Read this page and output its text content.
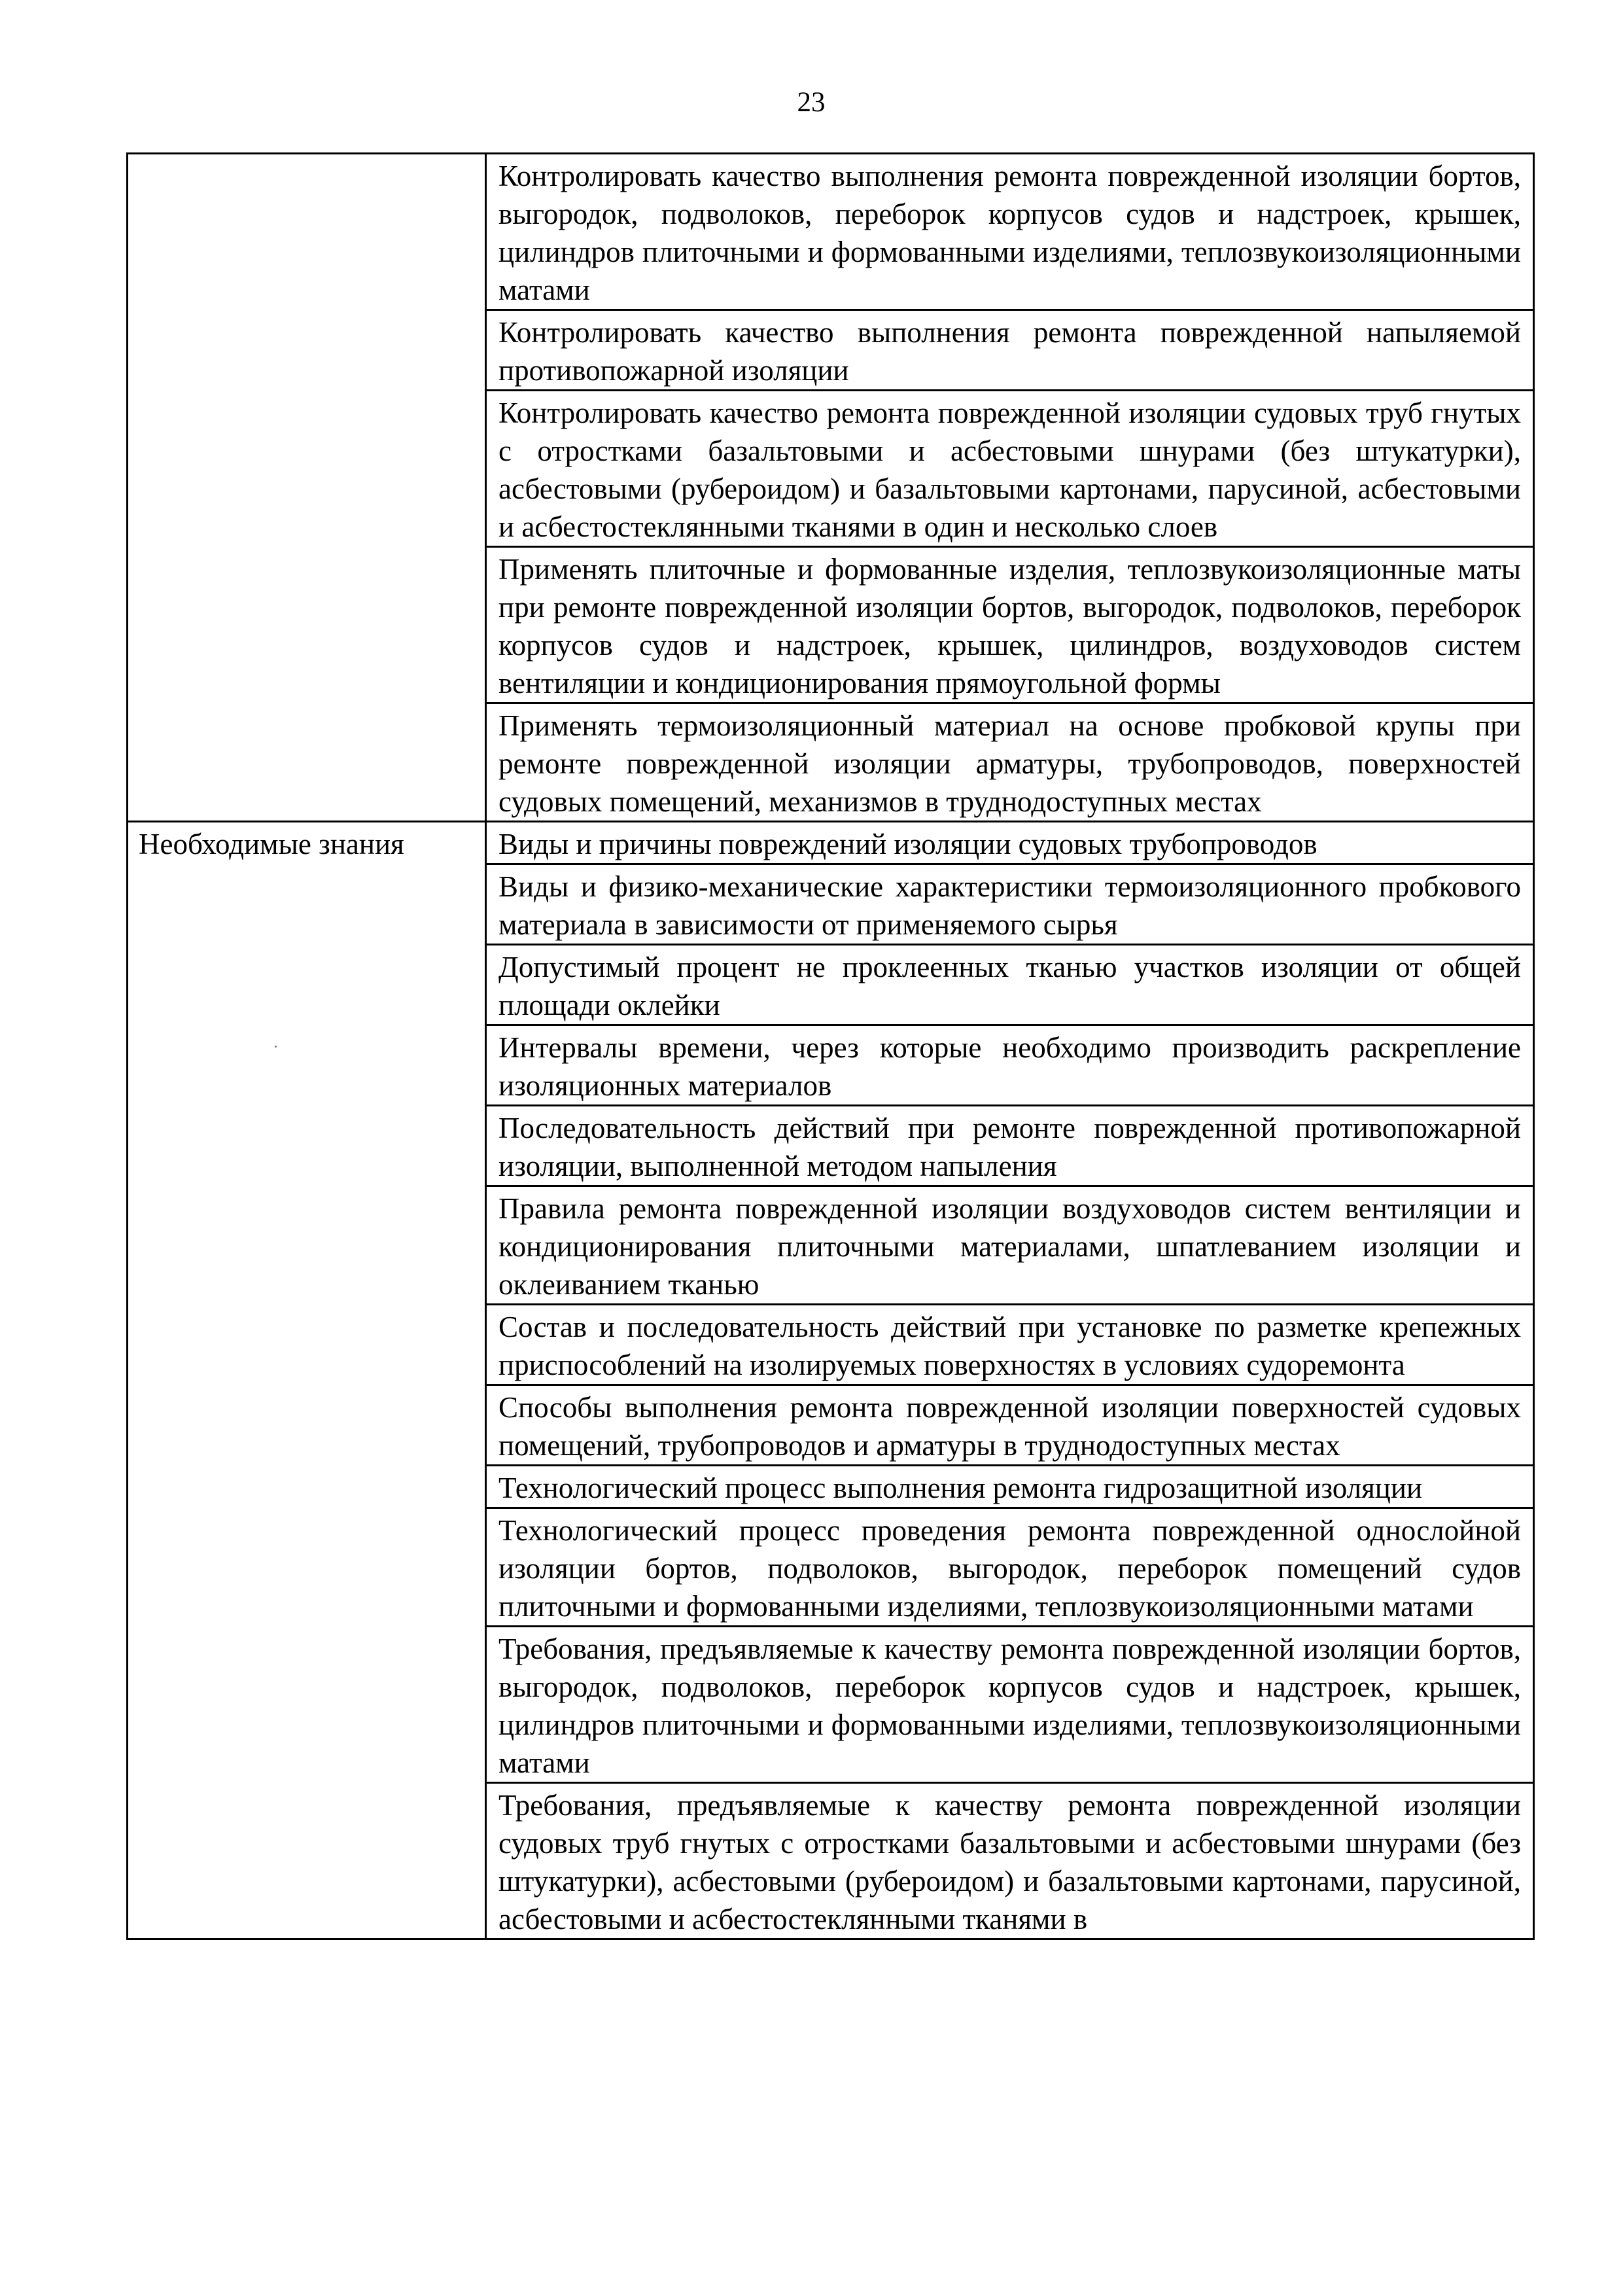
23
	Контролировать качество выполнения ремонта поврежденной изоляции бортов, выгородок, подволоков, переборок корпусов судов и надстроек, крышек, цилиндров плиточными и формованными изделиями, теплозвукоизоляционными матами
	Контролировать качество выполнения ремонта поврежденной напыляемой противопожарной изоляции
	Контролировать качество ремонта поврежденной изоляции судовых труб гнутых с отростками базальтовыми и асбестовыми шнурами (без штукатурки), асбестовыми (рубероидом) и базальтовыми картонами, парусиной, асбестовыми и асбестостеклянными тканями в один и несколько слоев
	Применять плиточные и формованные изделия, теплозвукоизоляционные маты при ремонте поврежденной изоляции бортов, выгородок, подволоков, переборок корпусов судов и надстроек, крышек, цилиндров, воздуховодов систем вентиляции и кондиционирования прямоугольной формы
	Применять термоизоляционный материал на основе пробковой крупы при ремонте поврежденной изоляции арматуры, трубопроводов, поверхностей судовых помещений, механизмов в труднодоступных местах
Необходимые знания	Виды и причины повреждений изоляции судовых трубопроводов
	Виды и физико-механические характеристики термоизоляционного пробкового материала в зависимости от применяемого сырья
	Допустимый процент не проклеенных тканью участков изоляции от общей площади оклейки
	Интервалы времени, через которые необходимо производить раскрепление изоляционных материалов
	Последовательность действий при ремонте поврежденной противопожарной изоляции, выполненной методом напыления
	Правила ремонта поврежденной изоляции воздуховодов систем вентиляции и кондиционирования плиточными материалами, шпатлеванием изоляции и оклеиванием тканью
	Состав и последовательность действий при установке по разметке крепежных приспособлений на изолируемых поверхностях в условиях судоремонта
	Способы выполнения ремонта поврежденной изоляции поверхностей судовых помещений, трубопроводов и арматуры в труднодоступных местах
	Технологический процесс выполнения ремонта гидрозащитной изоляции
	Технологический процесс проведения ремонта поврежденной однослойной изоляции бортов, подволоков, выгородок, переборок помещений судов плиточными и формованными изделиями, теплозвукоизоляционными матами
	Требования, предъявляемые к качеству ремонта поврежденной изоляции бортов, выгородок, подволоков, переборок корпусов судов и надстроек, крышек, цилиндров плиточными и формованными изделиями, теплозвукоизоляционными матами
	Требования, предъявляемые к качеству ремонта поврежденной изоляции судовых труб гнутых с отростками базальтовыми и асбестовыми шнурами (без штукатурки), асбестовыми (рубероидом) и базальтовыми картонами, парусиной, асбестовыми и асбестостеклянными тканями в
